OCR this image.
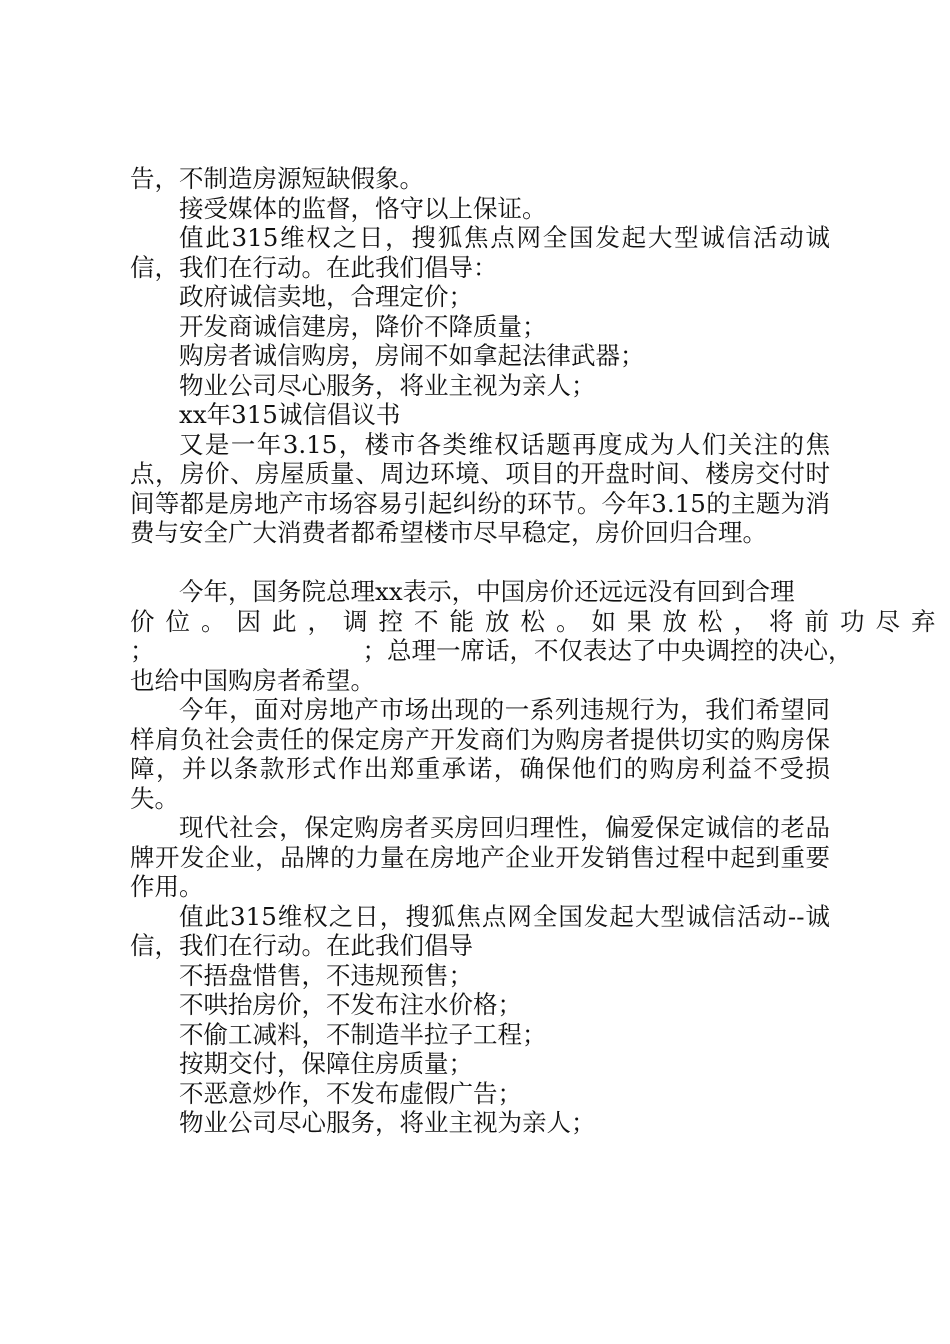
告，不制造房源短缺假象。

接受媒体的监督，恪守以上保证。

值此315维权之日，搜狐焦点网全国发起大型诚信活动诚信，我们在行动。在此我们倡导：

政府诚信卖地，合理定价；

开发商诚信建房，降价不降质量；

购房者诚信购房，房闹不如拿起法律武器；

物业公司尽心服务，将业主视为亲人；

xx年315诚信倡议书

又是一年3.15，楼市各类维权话题再度成为人们关注的焦点，房价、房屋质量、周边环境、项目的开盘时间、楼房交付时间等都是房地产市场容易引起纠纷的环节。今年3.15的主题为消费与安全广大消费者都希望楼市尽早稳定，房价回归合理。

今年，国务院总理xx表示，中国房价还远远没有回到合理

价位。因此，调控不能放松。如果放松，将前功尽弃

；	；总理一席话，不仅表达了中央调控的决心，

也给中国购房者希望。

今年，面对房地产市场出现的一系列违规行为，我们希望同样肩负社会责任的保定房产开发商们为购房者提供切实的购房保障，并以条款形式作出郑重承诺，确保他们的购房利益不受损失。

现代社会，保定购房者买房回归理性，偏爱保定诚信的老品牌开发企业，品牌的力量在房地产企业开发销售过程中起到重要作用。

值此315维权之日，搜狐焦点网全国发起大型诚信活动--诚信，我们在行动。在此我们倡导

不捂盘惜售，不违规预售；

不哄抬房价，不发布注水价格；

不偷工减料，不制造半拉子工程；

按期交付，保障住房质量；

不恶意炒作，不发布虚假广告；

物业公司尽心服务，将业主视为亲人；
